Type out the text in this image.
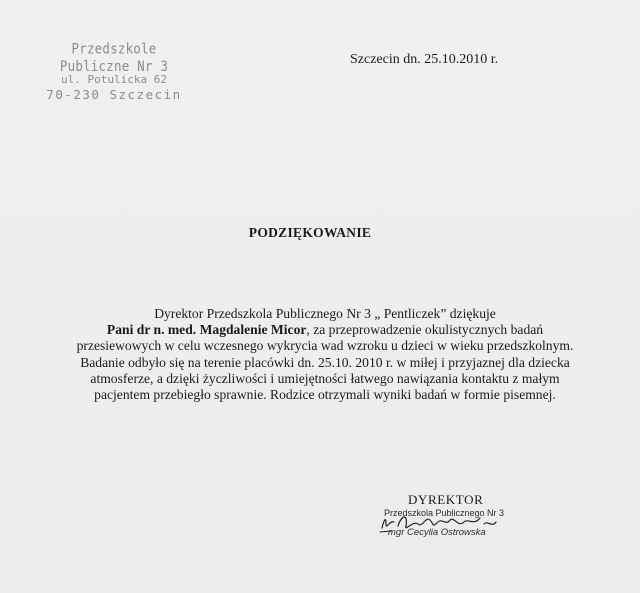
Przedszkole Publiczne Nr 3
ul. Potulicka 62
70-230 Szczecin
Szczecin dn. 25.10.2010 r.
PODZIĘKOWANIE
Dyrektor Przedszkola Publicznego Nr 3 „ Pentliczek” dziękuje
Pani dr n. med. Magdalenie Micor, za przeprowadzenie okulistycznych badań
przesiewowych w celu wczesnego wykrycia wad wzroku u dzieci w wieku przedszkolnym.
Badanie odbyło się na terenie placówki dn. 25.10. 2010 r. w miłej i przyjaznej dla dziecka
atmosferze, a dzięki życzliwości i umiejętności łatwego nawiązania kontaktu z małym
pacjentem przebiegło sprawnie. Rodzice otrzymali wyniki badań w formie pisemnej.
DYREKTOR
Przedszkola Publicznego Nr 3
mgr Cecylia Ostrowska
